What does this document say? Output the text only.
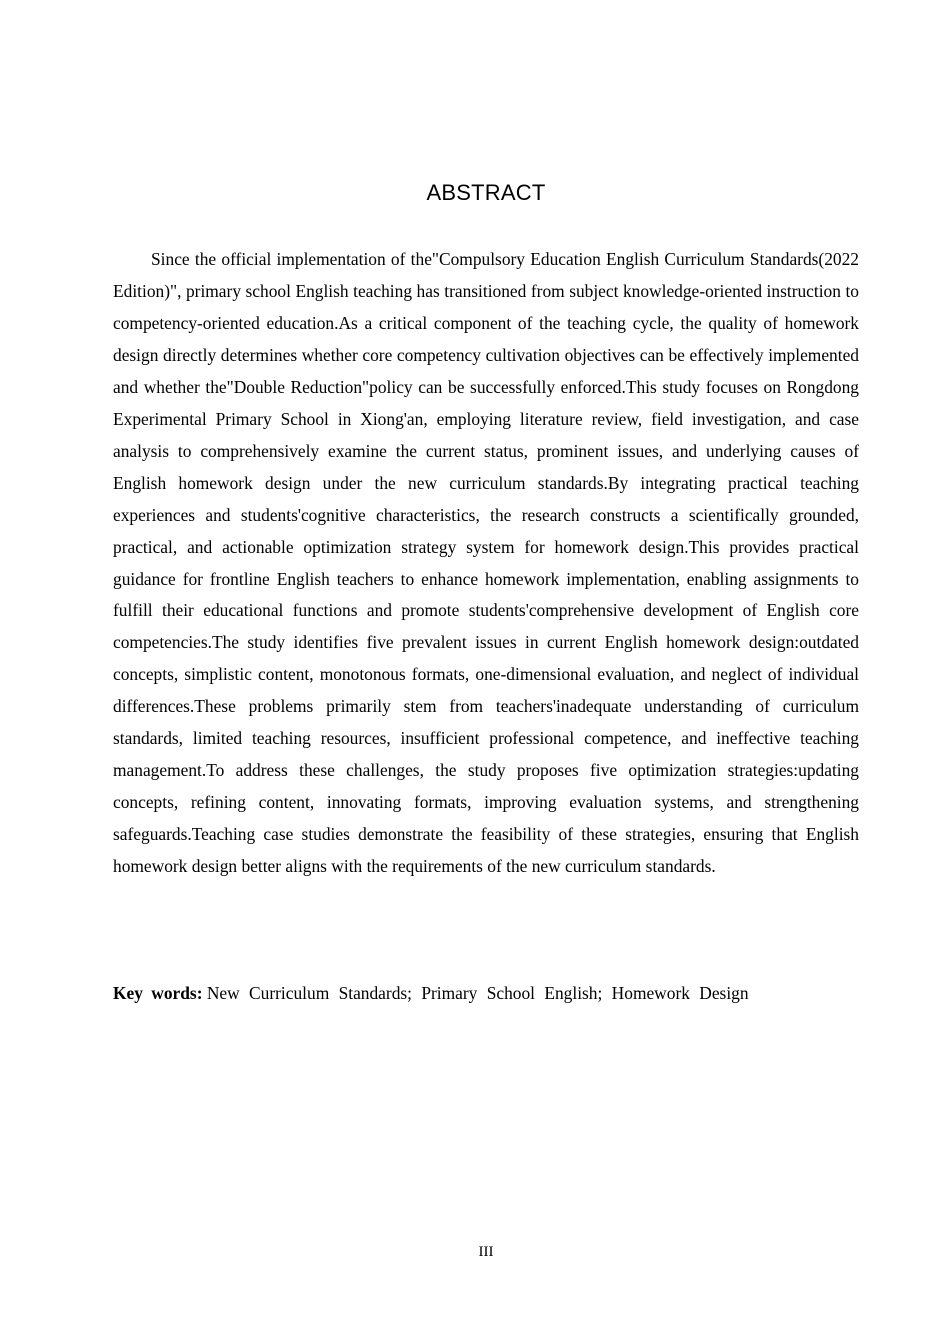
ABSTRACT

Since the official implementation of the"Compulsory Education English Curriculum Standards(2022 Edition)", primary school English teaching has transitioned from subject knowledge-oriented instruction to competency-oriented education.As a critical component of the teaching cycle, the quality of homework design directly determines whether core competency cultivation objectives can be effectively implemented and whether the"Double Reduction"policy can be successfully enforced.This study focuses on Rongdong Experimental Primary School in Xiong'an, employing literature review, field investigation, and case analysis to comprehensively examine the current status, prominent issues, and underlying causes of English homework design under the new curriculum standards.By integrating practical teaching experiences and students'cognitive characteristics, the research constructs a scientifically grounded, practical, and actionable optimization strategy system for homework design.This provides practical guidance for frontline English teachers to enhance homework implementation, enabling assignments to fulfill their educational functions and promote students'comprehensive development of English core competencies.The study identifies five prevalent issues in current English homework design:outdated concepts, simplistic content, monotonous formats, one-dimensional evaluation, and neglect of individual differences.These problems primarily stem from teachers'inadequate understanding of curriculum standards, limited teaching resources, insufficient professional competence, and ineffective teaching management.To address these challenges, the study proposes five optimization strategies:updating concepts, refining content, innovating formats, improving evaluation systems, and strengthening safeguards.Teaching case studies demonstrate the feasibility of these strategies, ensuring that English homework design better aligns with the requirements of the new curriculum standards.

Key words: New Curriculum Standards; Primary School English; Homework Design

III
